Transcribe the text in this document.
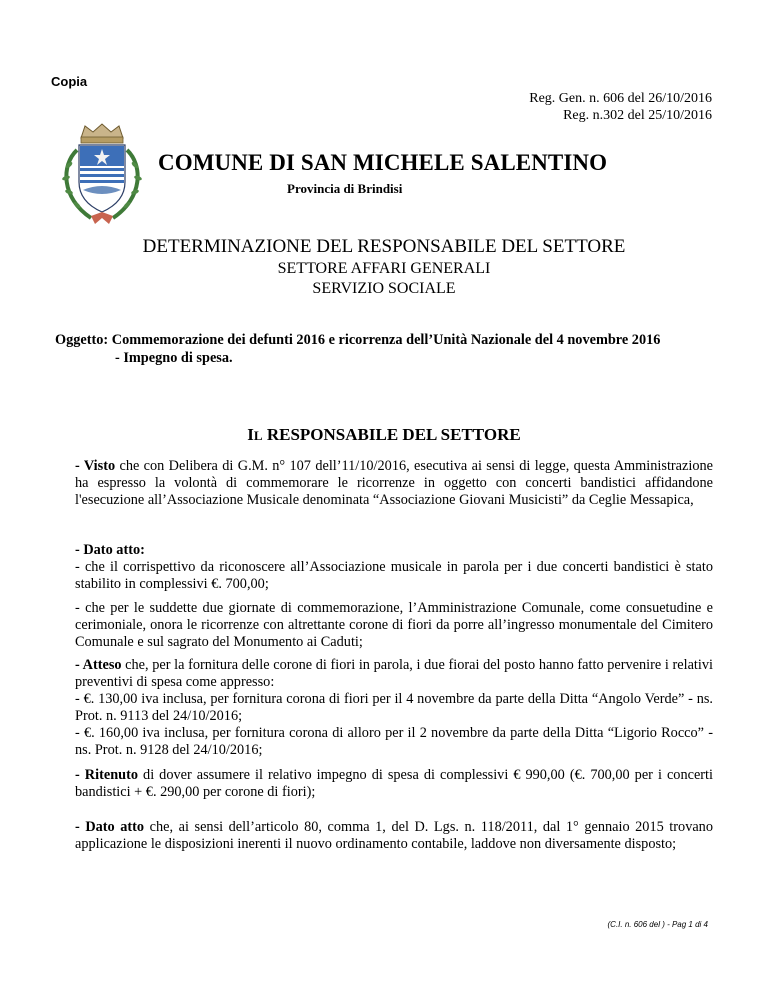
Copia
Reg. Gen. n. 606 del 26/10/2016
Reg. n.302 del 25/10/2016
COMUNE DI SAN MICHELE SALENTINO
Provincia di Brindisi
DETERMINAZIONE DEL RESPONSABILE DEL SETTORE
SETTORE AFFARI GENERALI
SERVIZIO SOCIALE
Oggetto: Commemorazione dei defunti 2016 e ricorrenza dell’Unità Nazionale del 4 novembre 2016
- Impegno di spesa.
IL RESPONSABILE DEL SETTORE
- Visto che con Delibera di G.M. n° 107 dell’11/10/2016, esecutiva ai sensi di legge, questa Amministrazione ha espresso la volontà di commemorare le ricorrenze in oggetto con concerti bandistici affidandone l'esecuzione all’Associazione Musicale denominata “Associazione Giovani Musicisti” da Ceglie Messapica,
- Dato atto:
- che il corrispettivo da riconoscere all’Associazione musicale in parola per i due concerti bandistici è stato stabilito in complessivi €. 700,00;
- che per le suddette due giornate di commemorazione, l’Amministrazione Comunale, come consuetudine e cerimoniale, onora le ricorrenze con altrettante corone di fiori da porre all’ingresso monumentale del Cimitero Comunale e sul sagrato del Monumento ai Caduti;
- Atteso che, per la fornitura delle corone di fiori in parola, i due fiorai del posto hanno fatto pervenire i relativi preventivi di spesa come appresso:
- €. 130,00 iva inclusa, per fornitura corona di fiori per il 4 novembre da parte della Ditta “Angolo Verde” - ns. Prot. n. 9113 del 24/10/2016;
- €. 160,00 iva inclusa, per fornitura corona di alloro per il 2 novembre da parte della Ditta “Ligorio Rocco” - ns. Prot. n. 9128 del 24/10/2016;
- Ritenuto di dover assumere il relativo impegno di spesa di complessivi € 990,00 (€. 700,00 per i concerti bandistici + €. 290,00 per corone di fiori);
- Dato atto che, ai sensi dell’articolo 80, comma 1, del D. Lgs. n. 118/2011, dal 1° gennaio 2015 trovano applicazione le disposizioni inerenti il nuovo ordinamento contabile, laddove non diversamente disposto;
(C.I. n. 606 del ) - Pag 1 di 4
